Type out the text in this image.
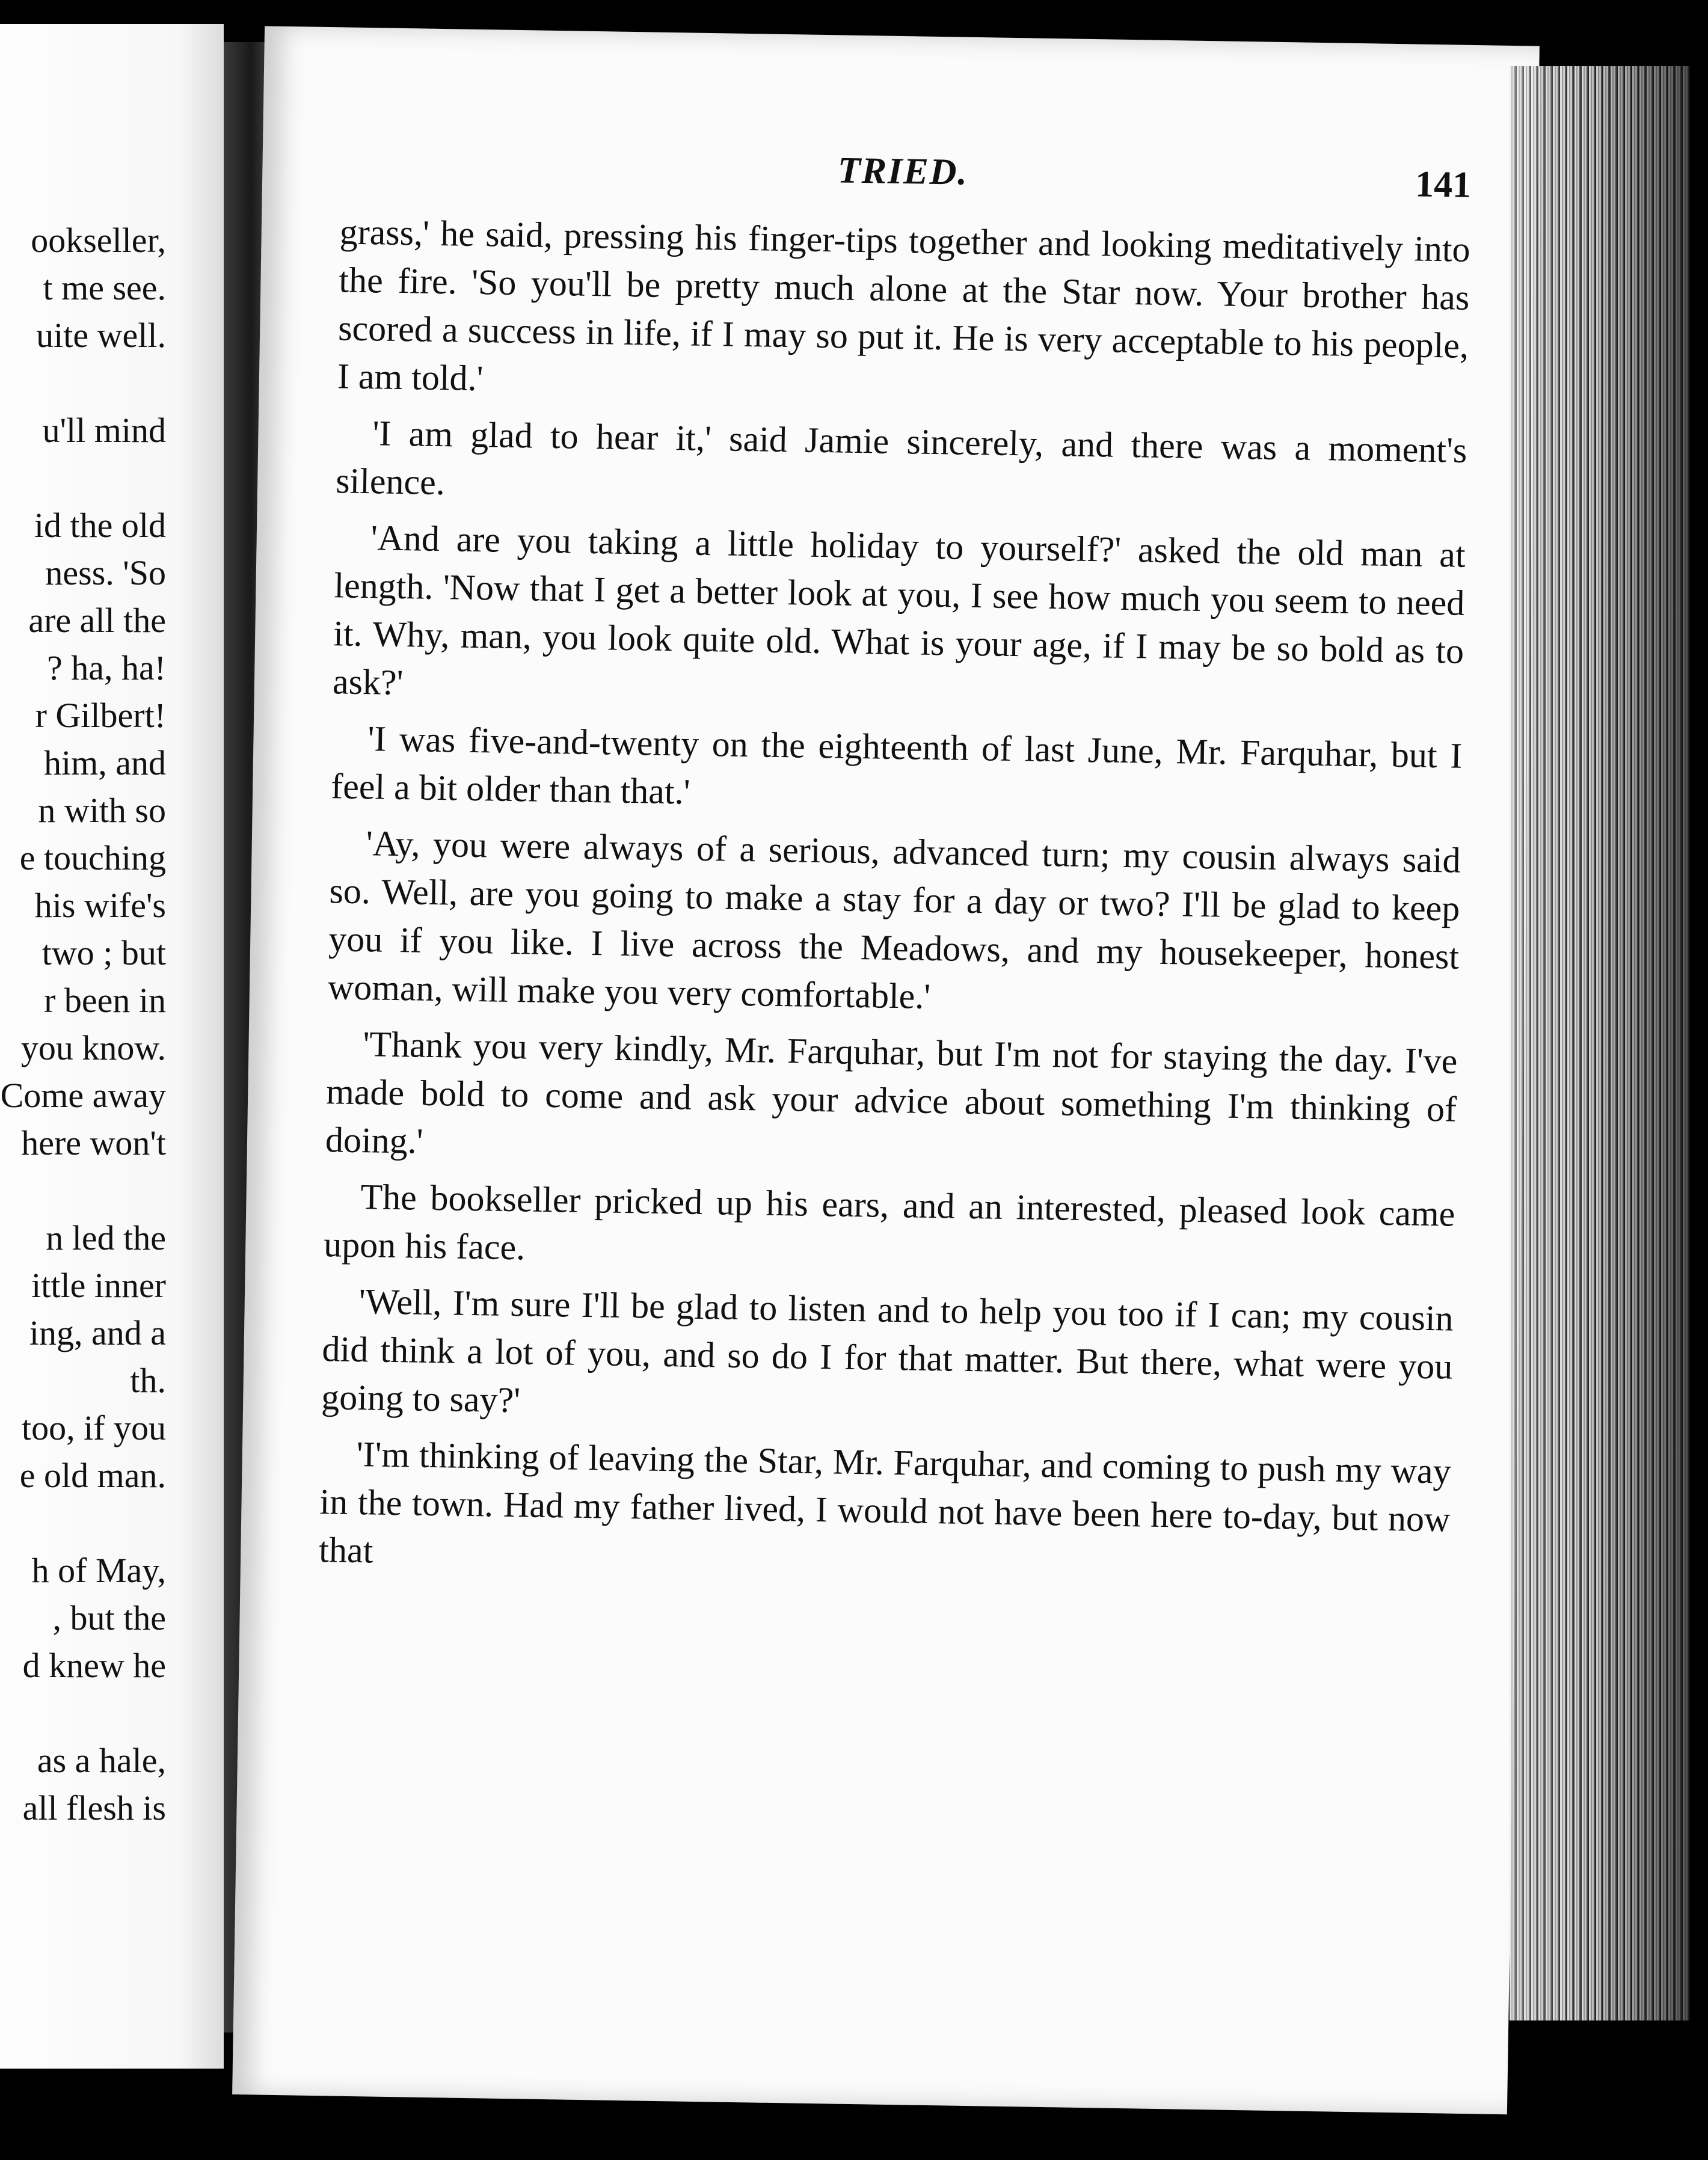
ookseller,
t me see.
uite well.
u'll mind
id the old
ness. 'So
are all the
? ha, ha!
r Gilbert!
him, and
n with so
e touching
his wife's
two ; but
r been in
you know.
Come away
here won't
n led the
ittle inner
ing, and a
th.
too, if you
e old man.
h of May,
, but the
d knew he
as a hale,
all flesh is
TRIED.	141

grass,' he said, pressing his finger-tips together and looking meditatively into the fire. 'So you'll be pretty much alone at the Star now. Your brother has scored a success in life, if I may so put it. He is very acceptable to his people, I am told.'

'I am glad to hear it,' said Jamie sincerely, and there was a moment's silence.

'And are you taking a little holiday to yourself?' asked the old man at length. 'Now that I get a better look at you, I see how much you seem to need it. Why, man, you look quite old. What is your age, if I may be so bold as to ask?'

'I was five-and-twenty on the eighteenth of last June, Mr. Farquhar, but I feel a bit older than that.'

'Ay, you were always of a serious, advanced turn; my cousin always said so. Well, are you going to make a stay for a day or two? I'll be glad to keep you if you like. I live across the Meadows, and my housekeeper, honest woman, will make you very comfortable.'

'Thank you very kindly, Mr. Farquhar, but I'm not for staying the day. I've made bold to come and ask your advice about something I'm thinking of doing.'

The bookseller pricked up his ears, and an interested, pleased look came upon his face.

'Well, I'm sure I'll be glad to listen and to help you too if I can; my cousin did think a lot of you, and so do I for that matter. But there, what were you going to say?'

'I'm thinking of leaving the Star, Mr. Farquhar, and coming to push my way in the town. Had my father lived, I would not have been here to-day, but now that
